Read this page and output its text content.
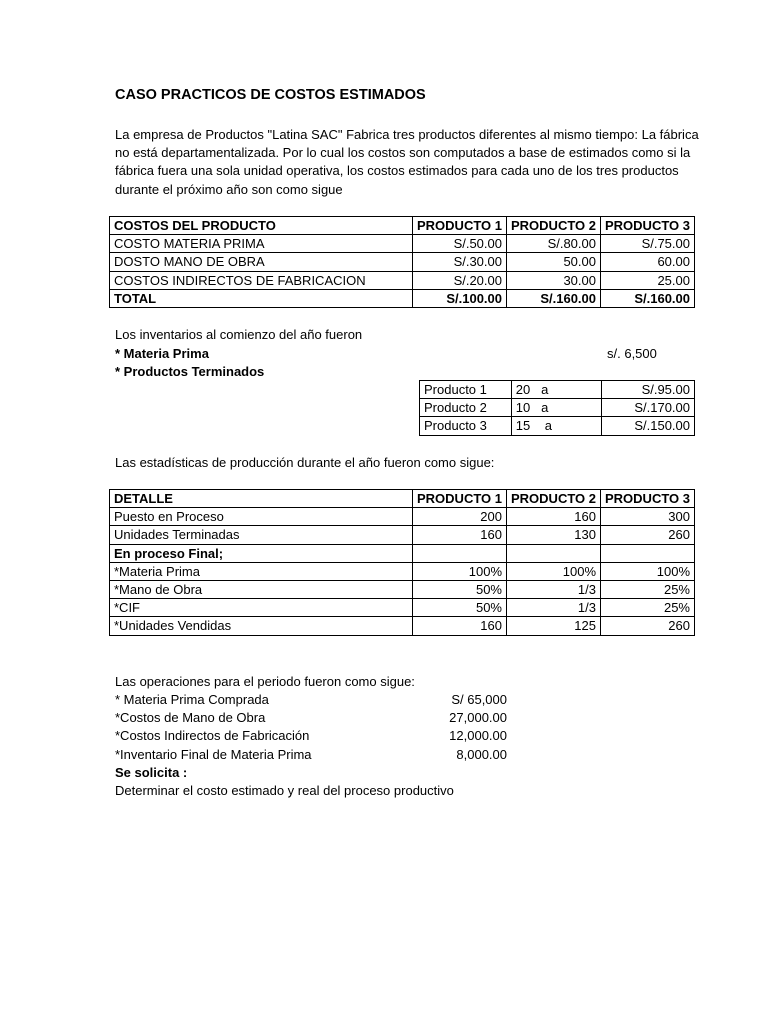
CASO PRACTICOS DE COSTOS ESTIMADOS
La empresa de Productos "Latina SAC" Fabrica tres productos diferentes al mismo tiempo: La fábrica
no está departamentalizada. Por lo cual los costos son computados a base de estimados como si la
fábrica fuera una sola unidad operativa, los costos estimados para cada uno de los tres productos
durante el próximo año son como sigue
COSTOS DEL PRODUCTO	PRODUCTO 1	PRODUCTO 2	PRODUCTO 3
COSTO MATERIA PRIMA	S/.50.00	S/.80.00	S/.75.00
DOSTO MANO DE OBRA	S/.30.00	50.00	60.00
COSTOS INDIRECTOS DE FABRICACION	S/.20.00	30.00	25.00
TOTAL	S/.100.00	S/.160.00	S/.160.00
Los inventarios al comienzo del año fueron
* Materia Prima	s/. 6,500
* Productos Terminados
Producto 1	20   a	S/.95.00
Producto 2	10   a	S/.170.00
Producto 3	15    a	S/.150.00
Las estadísticas de producción durante el año fueron como sigue:
DETALLE	PRODUCTO 1	PRODUCTO 2	PRODUCTO 3
Puesto en Proceso	200	160	300
Unidades Terminadas	160	130	260
En proceso Final;			
*Materia Prima	100%	100%	100%
*Mano de Obra	50%	1/3	25%
*CIF	50%	1/3	25%
*Unidades Vendidas	160	125	260
Las operaciones para el periodo fueron como sigue:
* Materia Prima Comprada	S/ 65,000
*Costos de Mano de Obra	27,000.00
*Costos Indirectos de Fabricación	12,000.00
*Inventario Final de Materia Prima	8,000.00
Se solicita :
Determinar el costo estimado y real del proceso productivo
